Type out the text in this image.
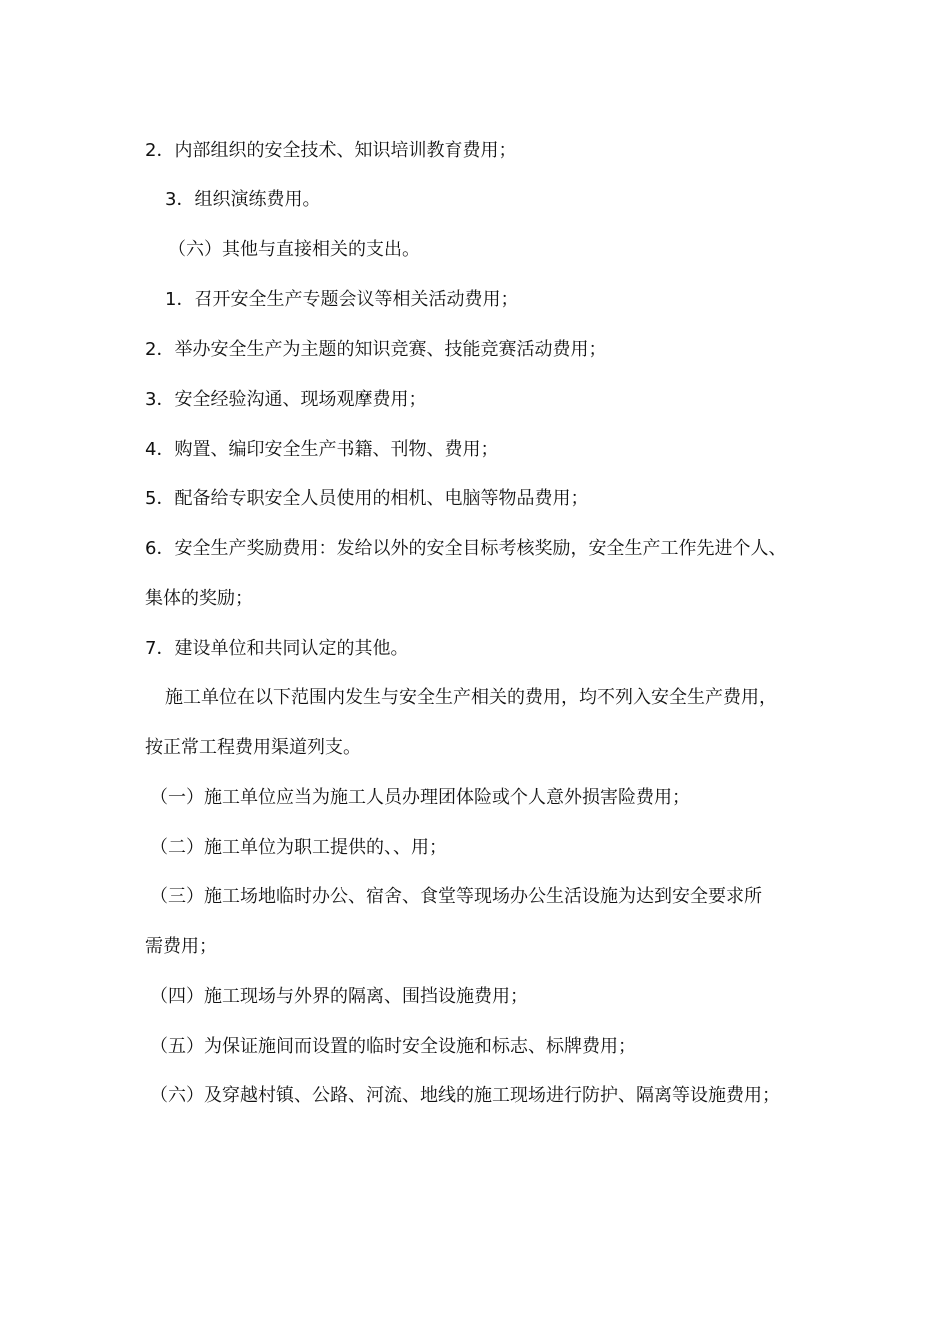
2．内部组织的安全技术、知识培训教育费用；
3．组织演练费用。
（六）其他与直接相关的支出。
1．召开安全生产专题会议等相关活动费用；
2．举办安全生产为主题的知识竞赛、技能竞赛活动费用；
3．安全经验沟通、现场观摩费用；
4．购置、编印安全生产书籍、刊物、费用；
5．配备给专职安全人员使用的相机、电脑等物品费用；
6．安全生产奖励费用：发给以外的安全目标考核奖励，安全生产工作先进个人、
集体的奖励；
7．建设单位和共同认定的其他。
施工单位在以下范围内发生与安全生产相关的费用，均不列入安全生产费用，
按正常工程费用渠道列支。
（一）施工单位应当为施工人员办理团体险或个人意外损害险费用；
（二）施工单位为职工提供的、、用；
（三）施工场地临时办公、宿舍、食堂等现场办公生活设施为达到安全要求所
需费用；
（四）施工现场与外界的隔离、围挡设施费用；
（五）为保证施间而设置的临时安全设施和标志、标牌费用；
（六）及穿越村镇、公路、河流、地线的施工现场进行防护、隔离等设施费用；
